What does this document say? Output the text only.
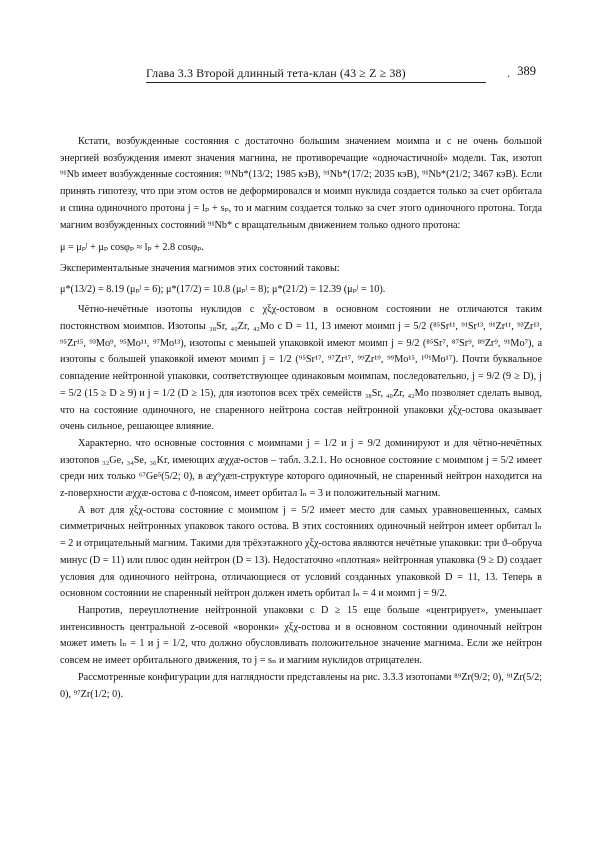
Глава 3.3 Второй длинный тета-клан (43 ≥ Z ≥ 38)	. 389

Кстати, возбужденные состояния с достаточно большим значением моимпа и с не очень большой энергией возбуждения имеют значения магнина, не противоречащие «одночастичной» модели. Так, изотоп ⁹¹Nb имеет возбужденные состояния: ⁹¹Nb*(13/2; 1985 кэВ), ⁹¹Nb*(17/2; 2035 кэВ), ⁹¹Nb*(21/2; 3467 кэВ). Если принять гипотезу, что при этом остов не деформировался и моимп нуклида создается только за счет орбитала и спина одиночного протона j = lₚ + sₚ, то и магним создается только за счет этого одиночного протона. Тогда магним возбужденных состояний ⁹¹Nb* с вращательным движением только одного протона:

μ = μₚˡ + μₚ cosφₚ ≈ lₚ + 2.8 cosφₚ.

Экспериментальные значения магнимов этих состояний таковы:

μ*(13/2) = 8.19 (μₚˡ = 6); μ*(17/2) = 10.8 (μₚˡ = 8); μ*(21/2) = 12.39 (μₚˡ = 10).

Чётно-нечётные изотопы нуклидов с χξχ-остовом в основном состоянии не отличаются таким постоянством моимпов. Изотопы ₃₈Sr, ₄₀Zr, ₄₂Mo с D = 11, 13 имеют моимп j = 5/2 (⁸⁵Sr¹¹, ⁹¹Sr¹³, ⁹¹Zr¹¹, ⁹³Zr¹³, ⁹⁵Zr¹⁵, ⁹³Mo⁹, ⁹⁵Mo¹¹, ⁹⁷Mo¹³), изотопы с меньшей упаковкой имеют моимп j = 9/2 (⁸⁵Sr⁷, ⁸⁷Sr⁹, ⁸⁹Zr⁹, ⁹¹Mo⁷), а изотопы с большей упаковкой имеют моимп j = 1/2 (⁹⁵Sr¹⁷, ⁹⁷Zr¹⁷, ⁹⁹Zr¹⁹, ⁹⁹Mo¹⁵, ¹⁰¹Mo¹⁷). Почти буквальное совпадение нейтронной упаковки, соответствующее одинаковым моимпам, последовательно, j = 9/2 (9 ≥ D), j = 5/2 (15 ≥ D ≥ 9) и j = 1/2 (D ≥ 15), для изотопов всех трёх семейств ₃₈Sr, ₄₀Zr, ₄₂Mo позволяет сделать вывод, что на состояние одиночного, не спаренного нейтрона состав нейтронной упаковки χξχ-остова оказывает очень сильное, решающее влияние.

Характерно. что основные состояния с моимпами j = 1/2 и j = 9/2 доминируют и для чётно-нечётных изотопов ₃₂Ge, ₃₄Se, ₃₆Kr, имеющих æχχæ-остов – табл. 3.2.1. Но основное состояние с моимпом j = 5/2 имеет среди них только ⁶⁷Ge⁵(5/2; 0), в æχ⁹χæπ-структуре которого одиночный, не спаренный нейтрон находится на z-поверхности æχχæ-остова с ϑ-поясом, имеет орбитал lₙ = 3 и положительный магним.

А вот для χξχ-остова состояние с моимпом j = 5/2 имеет место для самых уравновешенных, самых симметричных нейтронных упаковок такого остова. В этих состояниях одиночный нейтрон имеет орбитал lₙ = 2 и отрицательный магним. Такими для трёхэтажного χξχ-остова являются нечётные упаковки: три ϑ–обруча минус (D = 11) или плюс один нейтрон (D = 13). Недостаточно «плотная» нейтронная упаковка (9 ≥ D) создает условия для одиночного нейтрона, отличающиеся от условий созданных упаковкой D = 11, 13. Теперь в основном состоянии не спаренный нейтрон должен иметь орбитал lₙ = 4 и моимп j = 9/2.

Напротив, переуплотнение нейтронной упаковки с D ≥ 15 еще больше «центрирует», уменьшает интенсивность центральной z-осевой «воронки» χξχ-остова и в основном состоянии одиночный нейтрон может иметь lₙ = 1 и j = 1/2, что должно обусловливать положительное значение магнима. Если же нейтрон совсем не имеет орбитального движения, то j = sₙ и магним нуклидов отрицателен.

Рассмотренные конфигурации для наглядности представлены на рис. 3.3.3 изотопами ⁸⁹Zr(9/2; 0), ⁹¹Zr(5/2; 0), ⁹⁷Zr(1/2; 0).
